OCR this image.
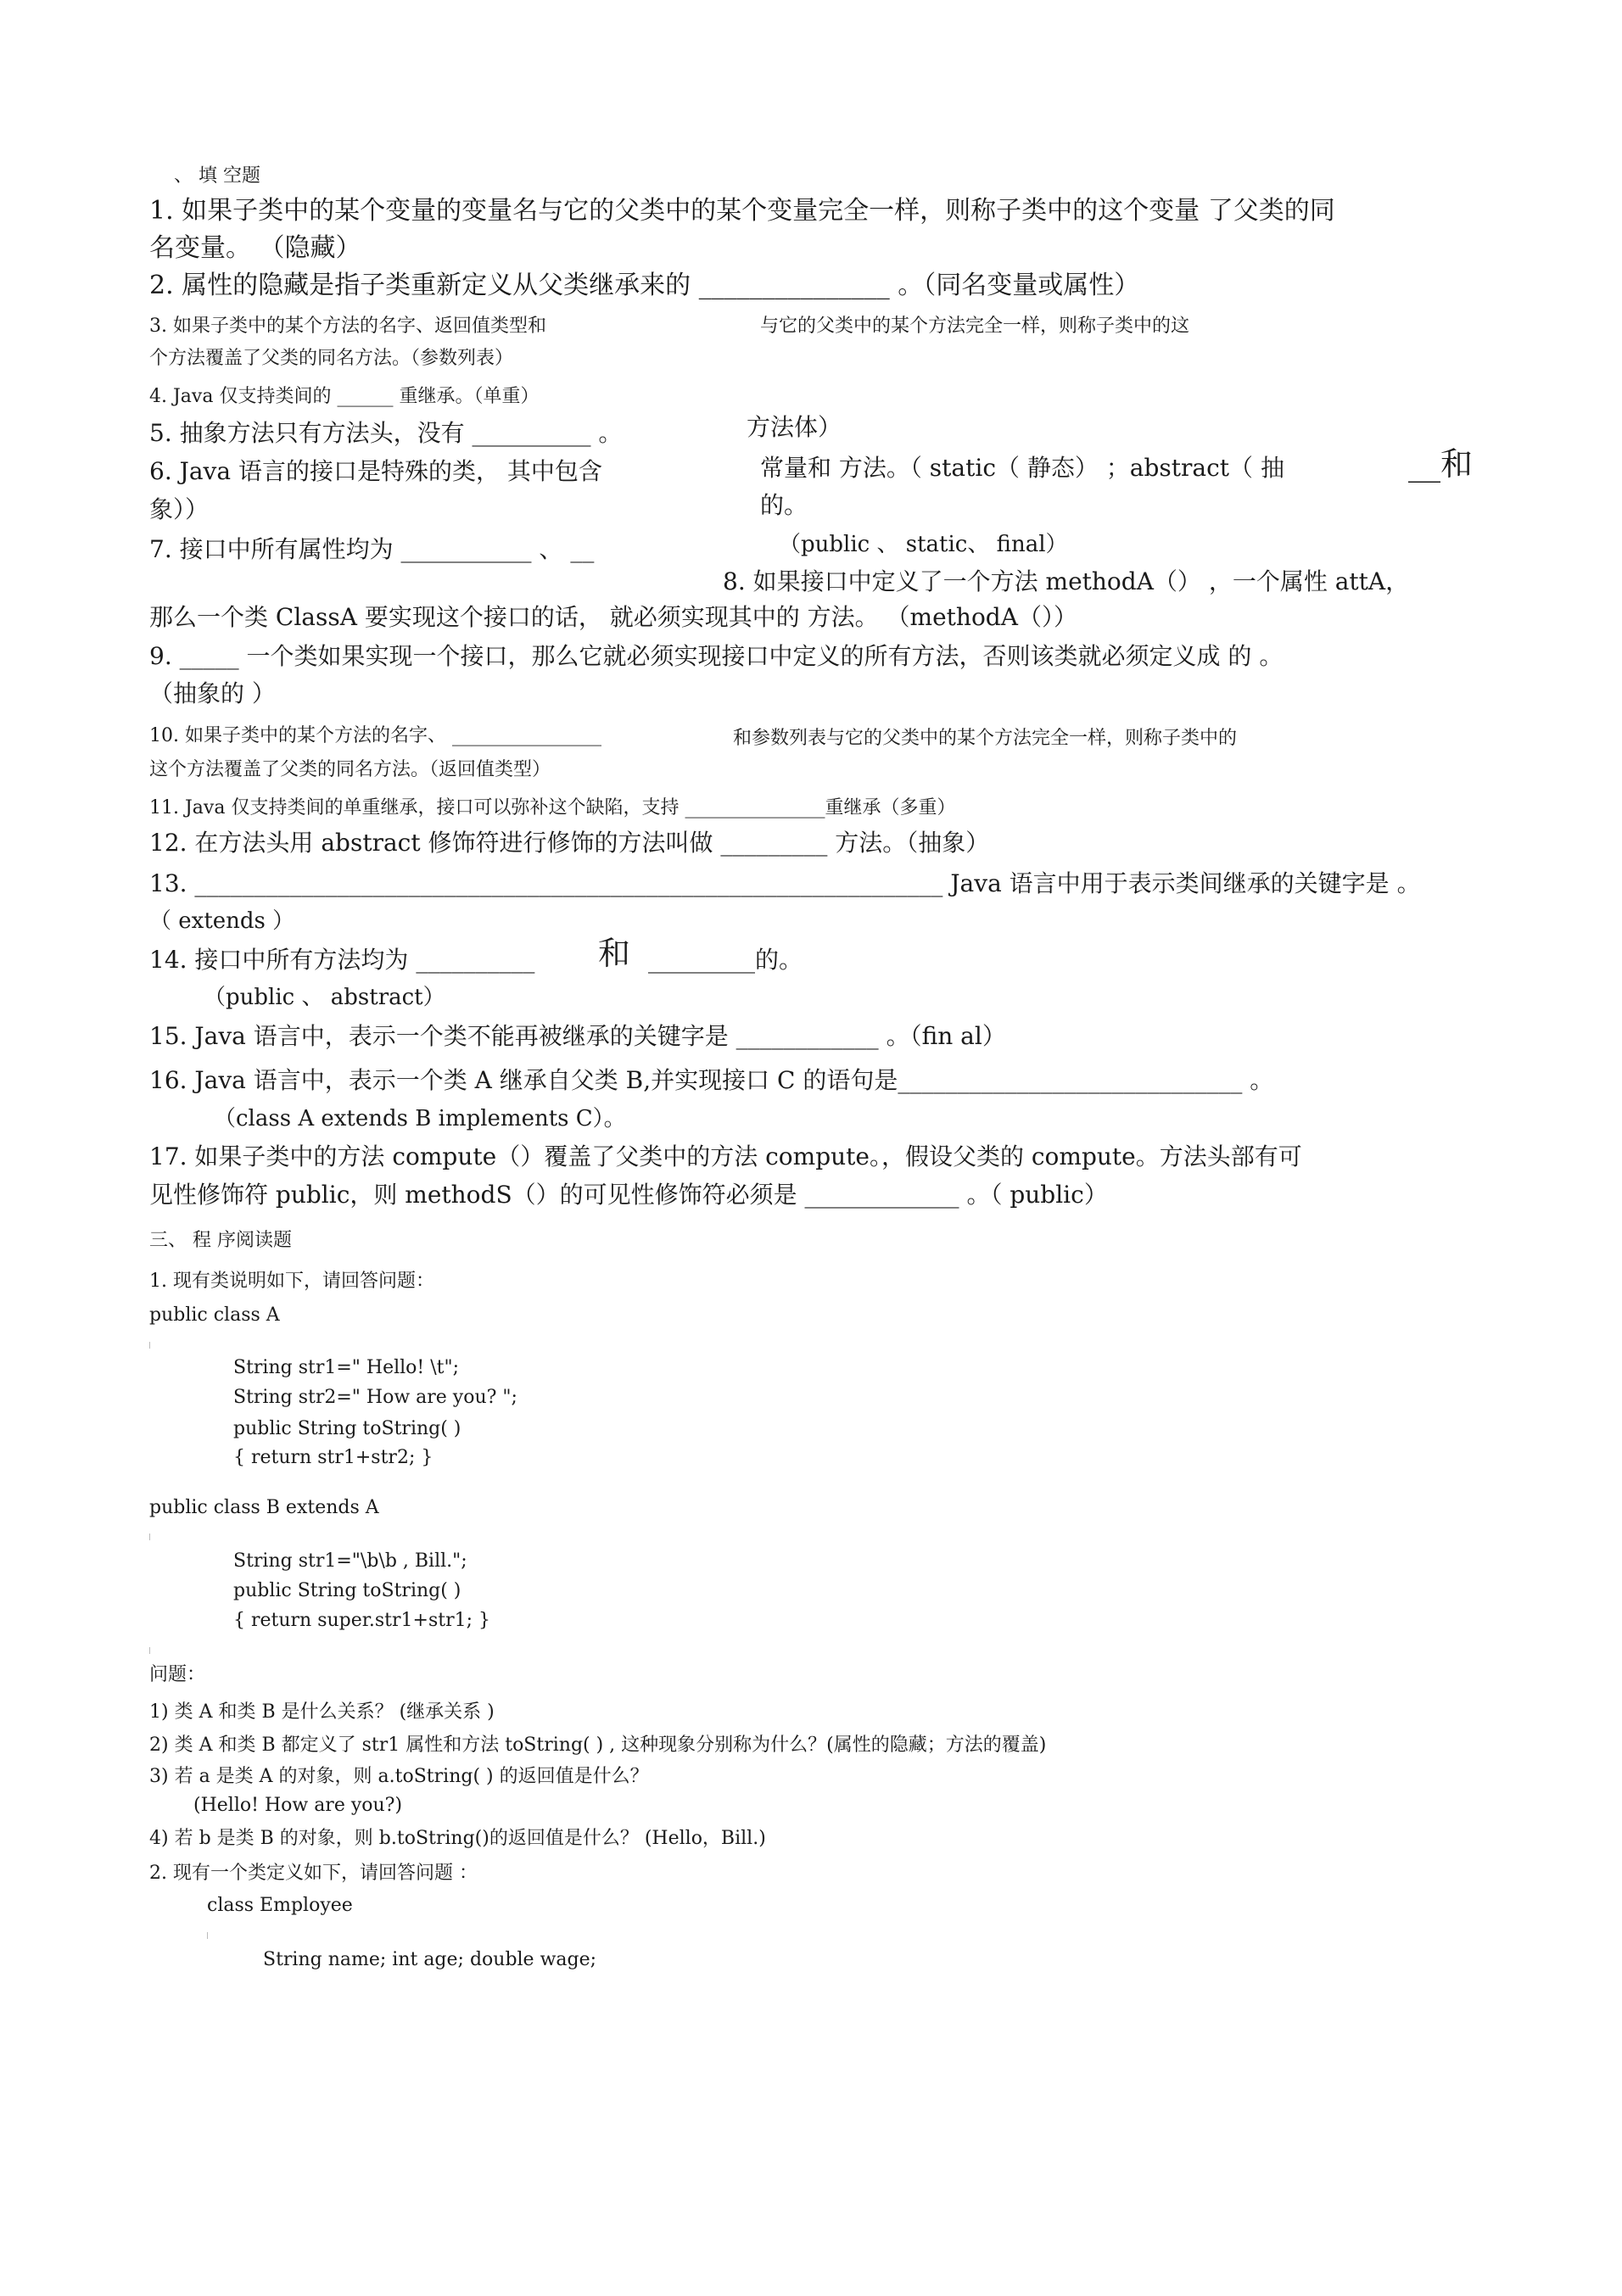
、 填 空题
1. 如果子类中的某个变量的变量名与它的父类中的某个变量完全一样，则称子类中的这个变量 了父类的同
名变量。 （隐藏）
2. 属性的隐藏是指子类重新定义从父类继承来的 _______________ 。（同名变量或属性）
3. 如果子类中的某个方法的名字、返回值类型和	与它的父类中的某个方法完全一样，则称子类中的这
个方法覆盖了父类的同名方法。（参数列表）
4. Java 仅支持类间的 ______ 重继承。（单重）
5. 抽象方法只有方法头，没有 __________ 。	方法体）
6. Java 语言的接口是特殊的类， 其中包含	常量和 方法。（ static（ 静态） ；abstract（ 抽	__和
象））	的。
7. 接口中所有属性均为 ___________ 、 __	（public 、 static、 final）
8. 如果接口中定义了一个方法 methodA（） ，一个属性 attA，
那么一个类 ClassA 要实现这个接口的话， 就必须实现其中的 方法。 （methodA（））
9. _____ 一个类如果实现一个接口，那么它就必须实现接口中定义的所有方法，否则该类就必须定义成 的 。
（抽象的 ）
10. 如果子类中的某个方法的名字、 ________________	和参数列表与它的父类中的某个方法完全一样，则称子类中的
这个方法覆盖了父类的同名方法。（返回值类型）
11. Java 仅支持类间的单重继承，接口可以弥补这个缺陷，支持 _______________重继承（多重）
12. 在方法头用 abstract 修饰符进行修饰的方法叫做 _________ 方法。（抽象）
13. _______________________________________________________________ Java 语言中用于表示类间继承的关键字是 。
（ extends ）
14. 接口中所有方法均为 __________ 和 _________的。
（public 、 abstract）
15. Java 语言中，表示一个类不能再被继承的关键字是 ____________ 。（fin al）
16. Java 语言中，表示一个类 A 继承自父类 B,并实现接口 C 的语句是_____________________________ 。
（class A extends B implements C）。
17. 如果子类中的方法 compute（）覆盖了父类中的方法 compute。，假设父类的 compute。方法头部有可
见性修饰符 public，则 methodS（）的可见性修饰符必须是 _____________ 。（ public）
三、 程 序阅读题
1. 现有类说明如下，请回答问题：
public class A
String str1=" Hello! \t";
String str2=" How are you? ";
public String toString( )
{ return str1+str2; }
public class B extends A
String str1="\b\b , Bill.";
public String toString( )
{ return super.str1+str1; }
问题：
1) 类 A 和类 B 是什么关系？ (继承关系 )
2) 类 A 和类 B 都定义了 str1 属性和方法 toString( ) , 这种现象分别称为什么？(属性的隐藏；方法的覆盖)
3) 若 a 是类 A 的对象，则 a.toString( ) 的返回值是什么？
(Hello! How are you?)
4) 若 b 是类 B 的对象，则 b.toString()的返回值是什么？ (Hello，Bill.)
2. 现有一个类定义如下，请回答问题 ：
class Employee
String name; int age; double wage;
